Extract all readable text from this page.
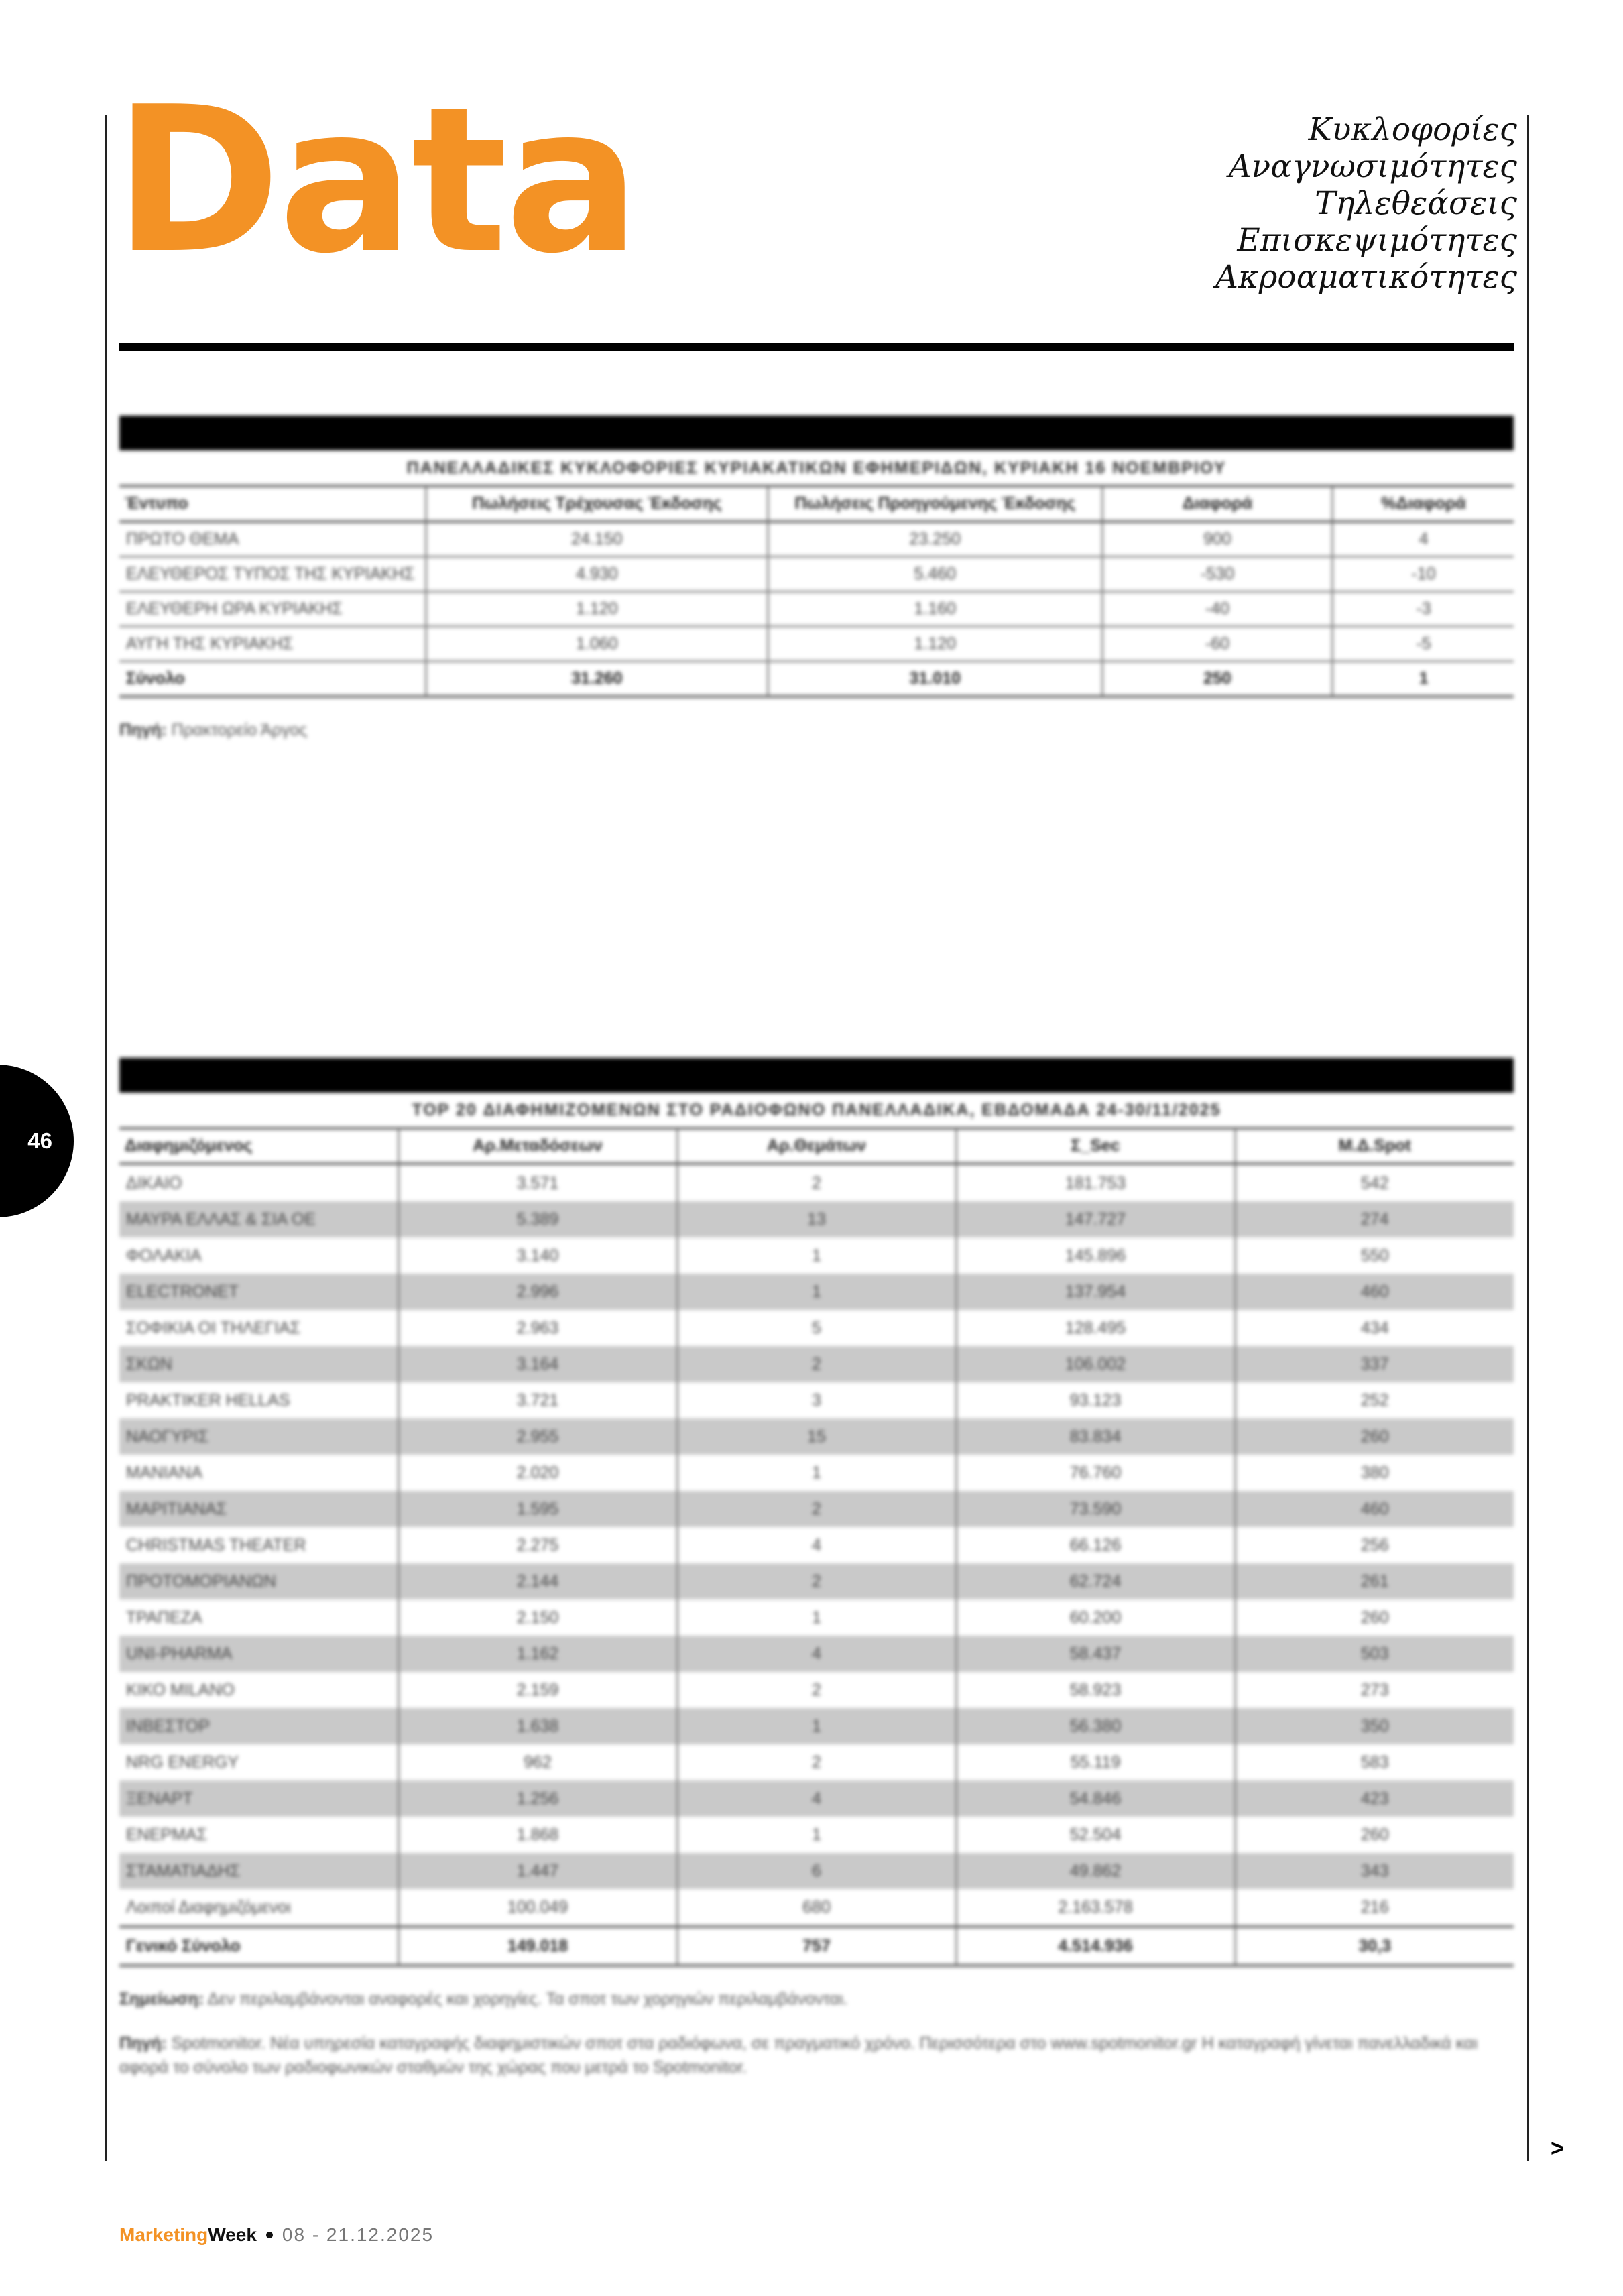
Data	Κυκλοφορίες
Αναγνωσιμότητες
Τηλεθεάσεις
Επισκεψιμότητες
Ακροαματικότητες
ΠΑΝΕΛΛΑΔΙΚΕΣ ΚΥΚΛΟΦΟΡΙΕΣ ΚΥΡΙΑΚΑΤΙΚΩΝ ΕΦΗΜΕΡΙΔΩΝ, ΚΥΡΙΑΚΗ 16 ΝΟΕΜΒΡΙΟΥ
Έντυπο	Πωλήσεις Τρέχουσας Έκδοσης	Πωλήσεις Προηγούμενης Έκδοσης	Διαφορά	%Διαφορά
ΠΡΩΤΟ ΘΕΜΑ	24.150	23.250	900	4
ΕΛΕΥΘΕΡΟΣ ΤΥΠΟΣ ΤΗΣ ΚΥΡΙΑΚΗΣ	4.930	5.460	-530	-10
ΕΛΕΥΘΕΡΗ ΩΡΑ ΚΥΡΙΑΚΗΣ	1.120	1.160	-40	-3
ΑΥΓΗ ΤΗΣ ΚΥΡΙΑΚΗΣ	1.060	1.120	-60	-5
Σύνολο	31.260	31.010	250	1
Πηγή: Πρακτορείο Άργος
TOP 20 ΔΙΑΦΗΜΙΖΟΜΕΝΩΝ ΣΤΟ ΡΑΔΙΟΦΩΝΟ ΠΑΝΕΛΛΑΔΙΚΑ, ΕΒΔΟΜΑΔΑ 24-30/11/2025
Διαφημιζόμενος	Αρ.Μεταδόσεων	Αρ.Θεμάτων	Σ_Sec	Μ.Δ.Spot
ΔΙΚΑΙΟ	3.571	2	181.753	542
ΜΑΥΡΑ ΕΛΛΑΣ & ΣΙΑ ΟΕ	5.389	13	147.727	274
ΦΟΛΑΚΙΑ	3.140	1	145.896	550
ELECTRONET	2.996	1	137.954	460
ΣΟΦΙΚΙΑ ΟΙ ΤΗΛΕΓΙΑΣ	2.963	5	128.495	434
ΣΚΩΝ	3.164	2	106.002	337
PRAKTIKER HELLAS	3.721	3	93.123	252
ΝΑΟΓΥΡΙΣ	2.955	15	83.834	260
ΜΑΝΙΑΝΑ	2.020	1	76.760	380
ΜΑΡΙΤΙΑΝΑΣ	1.595	2	73.590	460
CHRISTMAS THEATER	2.275	4	66.126	256
ΠΡΟΤΟΜΟΡΙΑΝΩΝ	2.144	2	62.724	261
ΤΡΑΠΕΖΑ	2.150	1	60.200	260
UNI-PHARMA	1.162	4	58.437	503
ΚΙΚΟ MILANO	2.159	2	58.923	273
ΙΝΒΕΣΤΟΡ	1.638	1	56.380	350
NRG ENERGY	962	2	55.119	583
ΞΕΝΑΡΤ	1.256	4	54.846	423
ΕΝΕΡΜΑΣ	1.868	1	52.504	260
ΣΤΑΜΑΤΙΑΔΗΣ	1.447	6	49.862	343
Λοιποί Διαφημιζόμενοι	100.049	680	2.163.578	216
Γενικό Σύνολο	149.018	757	4.514.936	30,3
Σημείωση: Δεν περιλαμβάνονται αναφορές και χορηγίες. Τα σποτ των χορηγιών περιλαμβάνονται.
Πηγή: Spotmonitor. Νέα υπηρεσία καταγραφής διαφημιστικών σποτ στα ραδιόφωνα, σε πραγματικό χρόνο. Περισσότερα στο www.spotmonitor.gr Η καταγραφή γίνεται πανελλαδικά και αφορά το σύνολο των ραδιοφωνικών σταθμών της χώρας που μετρά το Spotmonitor.
46
>
MarketingWeek 08 - 21.12.2025
